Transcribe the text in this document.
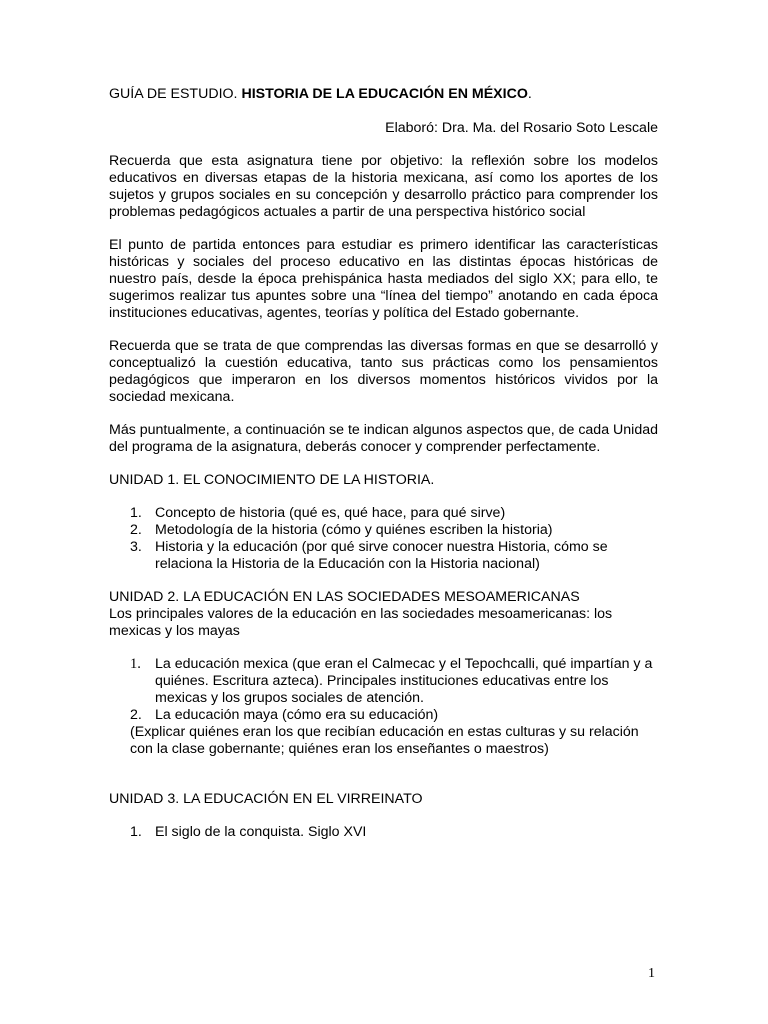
GUÍA DE ESTUDIO. HISTORIA DE LA EDUCACIÓN EN MÉXICO.

Elaboró: Dra. Ma. del Rosario Soto Lescale

Recuerda que esta asignatura tiene por objetivo: la reflexión sobre los modelos educativos en diversas etapas de la historia mexicana, así como los aportes de los sujetos y grupos sociales en su concepción y desarrollo práctico para comprender los problemas pedagógicos actuales a partir de una perspectiva histórico social

El punto de partida entonces para estudiar es primero identificar las características históricas y sociales del proceso educativo en las distintas épocas históricas de nuestro país, desde la época prehispánica hasta mediados del siglo XX; para ello, te sugerimos realizar tus apuntes sobre una “línea del tiempo” anotando en cada época instituciones educativas, agentes, teorías y política del Estado gobernante.

Recuerda que se trata de que comprendas las diversas formas en que se desarrolló y conceptualizó la cuestión educativa, tanto sus prácticas como los pensamientos pedagógicos que imperaron en los diversos momentos históricos vividos por la sociedad mexicana.

Más puntualmente, a continuación se te indican algunos aspectos que, de cada Unidad del programa de la asignatura, deberás conocer y comprender perfectamente.

UNIDAD 1. EL CONOCIMIENTO DE LA HISTORIA.

1. Concepto de historia (qué es, qué hace, para qué sirve)
2. Metodología de la historia (cómo y quiénes escriben la historia)
3. Historia y la educación (por qué sirve conocer nuestra Historia, cómo se relaciona la Historia de la Educación con la Historia nacional)

UNIDAD 2. LA EDUCACIÓN EN LAS SOCIEDADES MESOAMERICANAS

Los principales valores de la educación en las sociedades mesoamericanas: los mexicas y los mayas

1. La educación mexica (que eran el Calmecac y el Tepochcalli, qué impartían y a quiénes. Escritura azteca). Principales instituciones educativas entre los mexicas y los grupos sociales de atención.
2. La educación maya (cómo era su educación)

(Explicar quiénes eran los que recibían educación en estas culturas y su relación con la clase gobernante; quiénes eran los enseñantes o maestros)

UNIDAD 3. LA EDUCACIÓN EN EL VIRREINATO

1. El siglo de la conquista. Siglo XVI
1
